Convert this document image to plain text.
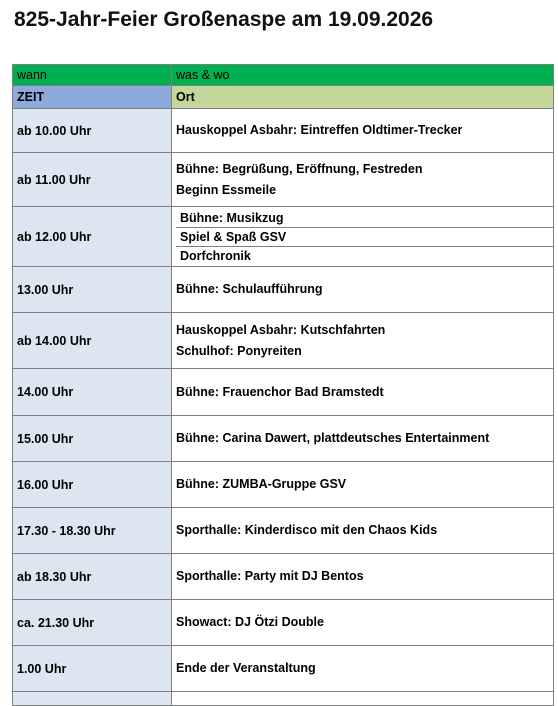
825-Jahr-Feier Großenaspe am 19.09.2026
wann	was & wo
ZEIT	Ort
ab 10.00 Uhr	Hauskoppel Asbahr: Eintreffen Oldtimer-Trecker

ab 11.00 Uhr	Bühne: Begrüßung, Eröffnung, Festreden
Beginn Essmeile

ab 12.00 Uhr	Bühne: Musikzug
Spiel & Spaß GSV
Dorfchronik

13.00 Uhr	Bühne: Schulaufführung

ab 14.00 Uhr	Hauskoppel Asbahr: Kutschfahrten
Schulhof: Ponyreiten

14.00 Uhr	Bühne: Frauenchor Bad Bramstedt

15.00 Uhr	Bühne: Carina Dawert, plattdeutsches Entertainment

16.00 Uhr	Bühne: ZUMBA-Gruppe GSV

17.30 - 18.30 Uhr	Sporthalle: Kinderdisco mit den Chaos Kids

ab 18.30 Uhr	Sporthalle: Party mit DJ Bentos

ca. 21.30 Uhr	Showact: DJ Ötzi Double

1.00 Uhr	Ende der Veranstaltung
